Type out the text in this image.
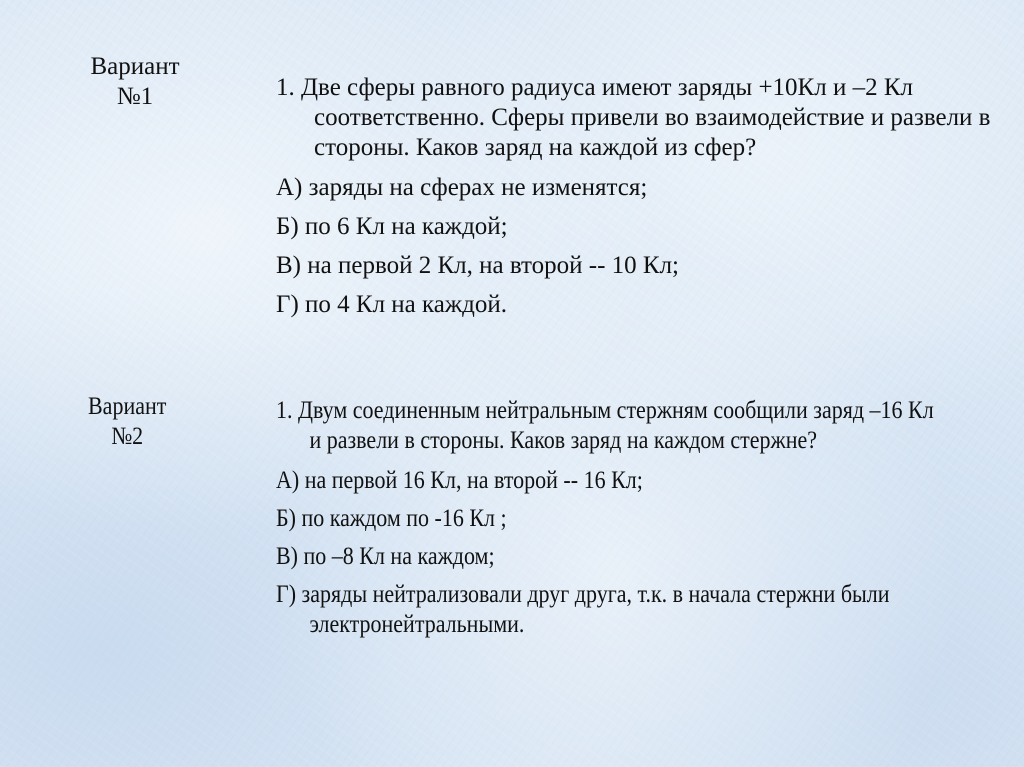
Вариант
№1	1. Две сферы равного радиуса имеют заряды +10Кл и –2 Кл соответственно. Сферы привели во взаимодействие и развели в стороны. Каков заряд на каждой из сфер?
А) заряды на сферах не изменятся;
Б) по 6 Кл на каждой;
В) на первой 2 Кл, на второй -- 10 Кл;
Г) по 4 Кл на каждой.
Вариант
№2
1. Двум соединенным нейтральным стержням сообщили заряд –16 Кл и развели в стороны. Каков заряд на каждом стержне?
А) на первой 16 Кл, на второй -- 16 Кл;
Б) по каждом по -16 Кл ;
В) по –8 Кл на каждом;
Г) заряды нейтрализовали друг друга, т.к. в начала стержни были электронейтральными.
